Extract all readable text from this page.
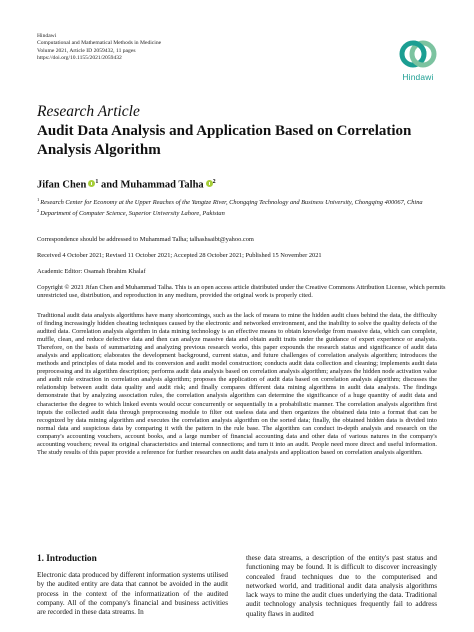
Hindawi
Computational and Mathematical Methods in Medicine
Volume 2021, Article ID 2059432, 11 pages
https://doi.org/10.1155/2021/2059432
Hindawi
Research Article
Audit Data Analysis and Application Based on Correlation Analysis Algorithm
Jifan Chen $^1$ and Muhammad Talha $^2$
$^1$Research Center for Economy at the Upper Reaches of the Yangtze River, Chongqing Technology and Business University, Chongqing 400067, China
$^2$Department of Computer Science, Superior University Lahore, Pakistan
Correspondence should be addressed to Muhammad Talha; talhashsaibt@yahoo.com
Received 4 October 2021; Revised 11 October 2021; Accepted 28 October 2021; Published 15 November 2021
Academic Editor: Osamah Ibrahim Khalaf
Copyright © 2021 Jifan Chen and Muhammad Talha. This is an open access article distributed under the Creative Commons Attribution License, which permits unrestricted use, distribution, and reproduction in any medium, provided the original work is properly cited.
Traditional audit data analysis algorithms have many shortcomings, such as the lack of means to mine the hidden audit clues behind the data, the difficulty of finding increasingly hidden cheating techniques caused by the electronic and networked environment, and the inability to solve the quality defects of the audited data. Correlation analysis algorithm in data mining technology is an effective means to obtain knowledge from massive data, which can complete, muffle, clean, and reduce defective data and then can analyze massive data and obtain audit traits under the guidance of expert experience or analysts. Therefore, on the basis of summarizing and analyzing previous research works, this paper expounds the research status and significance of audit data analysis and application; elaborates the development background, current status, and future challenges of correlation analysis algorithm; introduces the methods and principles of data model and its conversion and audit model construction; conducts audit data collection and cleaning; implements audit data preprocessing and its algorithm description; performs audit data analysis based on correlation analysis algorithm; analyzes the hidden node activation value and audit rule extraction in correlation analysis algorithm; proposes the application of audit data based on correlation analysis algorithm; discusses the relationship between audit data quality and audit risk; and finally compares different data mining algorithms in audit data analysis. The findings demonstrate that by analyzing association rules, the correlation analysis algorithm can determine the significance of a huge quantity of audit data and characterise the degree to which linked events would occur concurrently or sequentially in a probabilistic manner. The correlation analysis algorithm first inputs the collected audit data through preprocessing module to filter out useless data and then organizes the obtained data into a format that can be recognized by data mining algorithm and executes the correlation analysis algorithm on the sorted data; finally, the obtained hidden data is divided into normal data and suspicious data by comparing it with the pattern in the rule base. The algorithm can conduct in-depth analysis and research on the company's accounting vouchers, account books, and a large number of financial accounting data and other data of various natures in the company's accounting vouchers; reveal its original characteristics and internal connections; and turn it into an audit. People need more direct and useful information. The study results of this paper provide a reference for further researches on audit data analysis and application based on correlation analysis algorithm.
1. Introduction
Electronic data produced by different information systems utilised by the audited entity are data that cannot be avoided in the audit process in the context of the informatization of the audited company. All of the company's financial and business activities are recorded in these data streams. In
these data streams, a description of the entity's past status and functioning may be found. It is difficult to discover increasingly concealed fraud techniques due to the computerised and networked world, and traditional audit data analysis algorithms lack ways to mine the audit clues underlying the data. Traditional audit technology analysis techniques frequently fail to address quality flaws in audited
